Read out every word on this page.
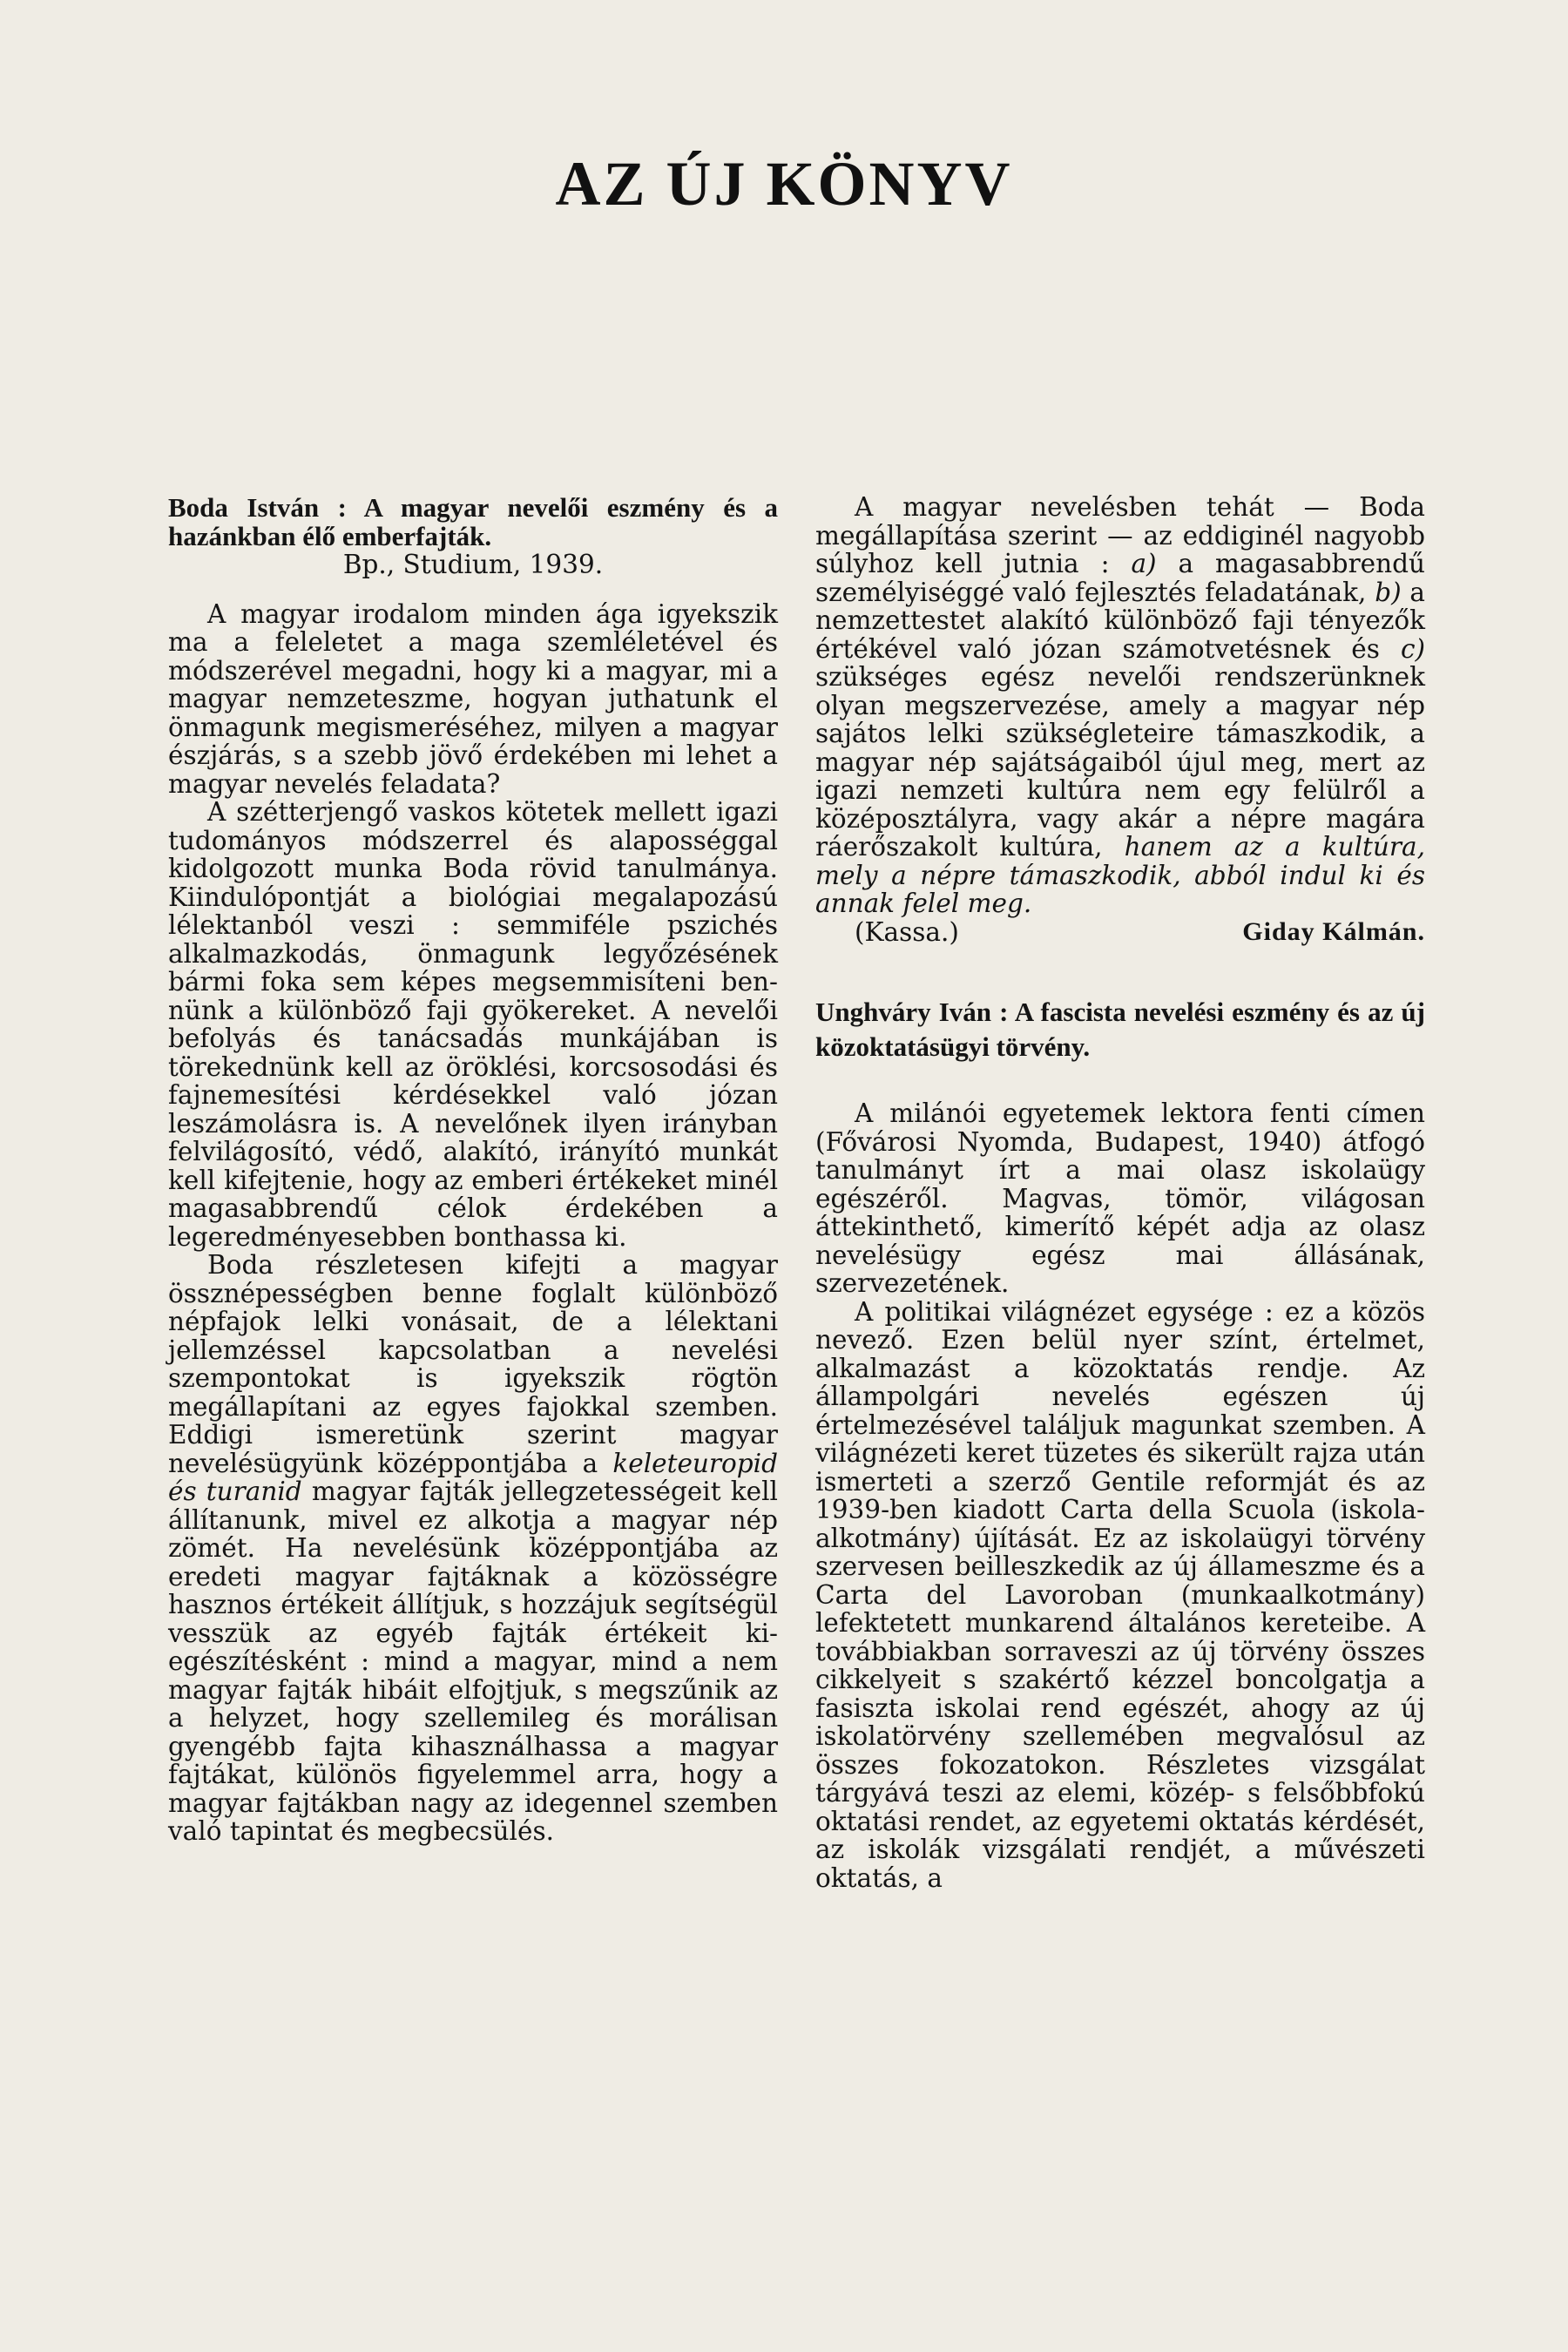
AZ ÚJ KÖNYV
Boda István : A magyar nevelői eszmény és a hazánkban élő emberfajták.
Bp., Studium, 1939.

A magyar irodalom minden ága igyekszik ma a feleletet a maga szemléletével és módszerével megadni, hogy ki a magyar, mi a magyar nemzeteszme, hogyan juthatunk el önmagunk megismeréséhez, milyen a magyar észjárás, s a szebb jövő érdekében mi lehet a magyar nevelés feladata?

A szétterjengő vaskos kötetek mellett igazi tudományos módszerrel és alaposséggal kidolgozott munka Boda rövid tanulmánya. Kiindulópontját a biológiai megalapozású lélektanból veszi : semmiféle pszichés alkalmazkodás, önmagunk legyőzésének bármi foka sem képes megsemmisíteni bennünk a különböző faji gyökereket. A nevelői befolyás és tanácsadás munkájában is törekednünk kell az öröklési, korcsosodási és fajnemesítési kérdésekkel való józan leszámolásra is. A nevelőnek ilyen irányban felvilágosító, védő, alakító, irányító munkát kell kifejtenie, hogy az emberi értékeket minél magasabbrendű célok érdekében a legeredményesebben bonthassa ki.

Boda részletesen kifejti a magyar össznépességben benne foglalt különböző népfajok lelki vonásait, de a lélektani jellemzéssel kapcsolatban a nevelési szempontokat is igyekszik rögtön megállapítani az egyes fajokkal szemben. Eddigi ismeretünk szerint magyar nevelésügyünk középpontjába a keleteuropid és turanid magyar fajták jellegzetességeit kell állítanunk, mivel ez alkotja a magyar nép zömét. Ha nevelésünk középpontjába az eredeti magyar fajtáknak a közösségre hasznos értékeit állítjuk, s hozzájuk segítségül vesszük az egyéb fajták értékeit kiegészítésként : mind a magyar, mind a nem magyar fajták hibáit elfojtjuk, s megszűnik az a helyzet, hogy szellemileg és morálisan gyengébb fajta kihasználhassa a magyar fajtákat, különös figyelemmel arra, hogy a magyar fajtákban nagy az idegennel szemben való tapintat és megbecsülés.

A magyar nevelésben tehát — Boda megállapítása szerint — az eddiginél nagyobb súlyhoz kell jutnia : a) a magasabbrendű személyiséggé való fejlesztés feladatának, b) a nemzettestet alakító különböző faji tényezők értékével való józan számotvetésnek és c) szükséges egész nevelői rendszerünknek olyan megszervezése, amely a magyar nép sajátos lelki szükségleteire támaszkodik, a magyar nép sajátságaiból újul meg, mert az igazi nemzeti kultúra nem egy felülről a középosztályra, vagy akár a népre magára ráerőszakolt kultúra, hanem az a kultúra, mely a népre támaszkodik, abból indul ki és annak felel meg.

(Kassa.)	Giday Kálmán.
Unghváry Iván : A fascista nevelési eszmény és az új közoktatásügyi törvény.

A milánói egyetemek lektora fenti címen (Fővárosi Nyomda, Budapest, 1940) átfogó tanulmányt írt a mai olasz iskolaügy egészéről. Magvas, tömör, világosan áttekinthető, kimerítő képét adja az olasz nevelésügy egész mai állásának, szervezetének.

A politikai világnézet egysége : ez a közös nevező. Ezen belül nyer színt, értelmet, alkalmazást a közoktatás rendje. Az állampolgári nevelés egészen új értelmezésével találjuk magunkat szemben. A világnézeti keret tüzetes és sikerült rajza után ismerteti a szerző Gentile reformját és az 1939-ben kiadott Carta della Scuola (iskolaalkotmány) újítását. Ez az iskolaügyi törvény szervesen beilleszkedik az új állameszme és a Carta del Lavoroban (munkaalkotmány) lefektetett munkarend általános kereteibe. A továbbiakban sorraveszi az új törvény összes cikkelyeit s szakértő kézzel boncolgatja a fasiszta iskolai rend egészét, ahogy az új iskolatörvény szellemében megvalósul az összes fokozatokon. Részletes vizsgálat tárgyává teszi az elemi, közép- s felsőbbfokú oktatási rendet, az egyetemi oktatás kérdését, az iskolák vizsgálati rendjét, a művészeti oktatás, a
